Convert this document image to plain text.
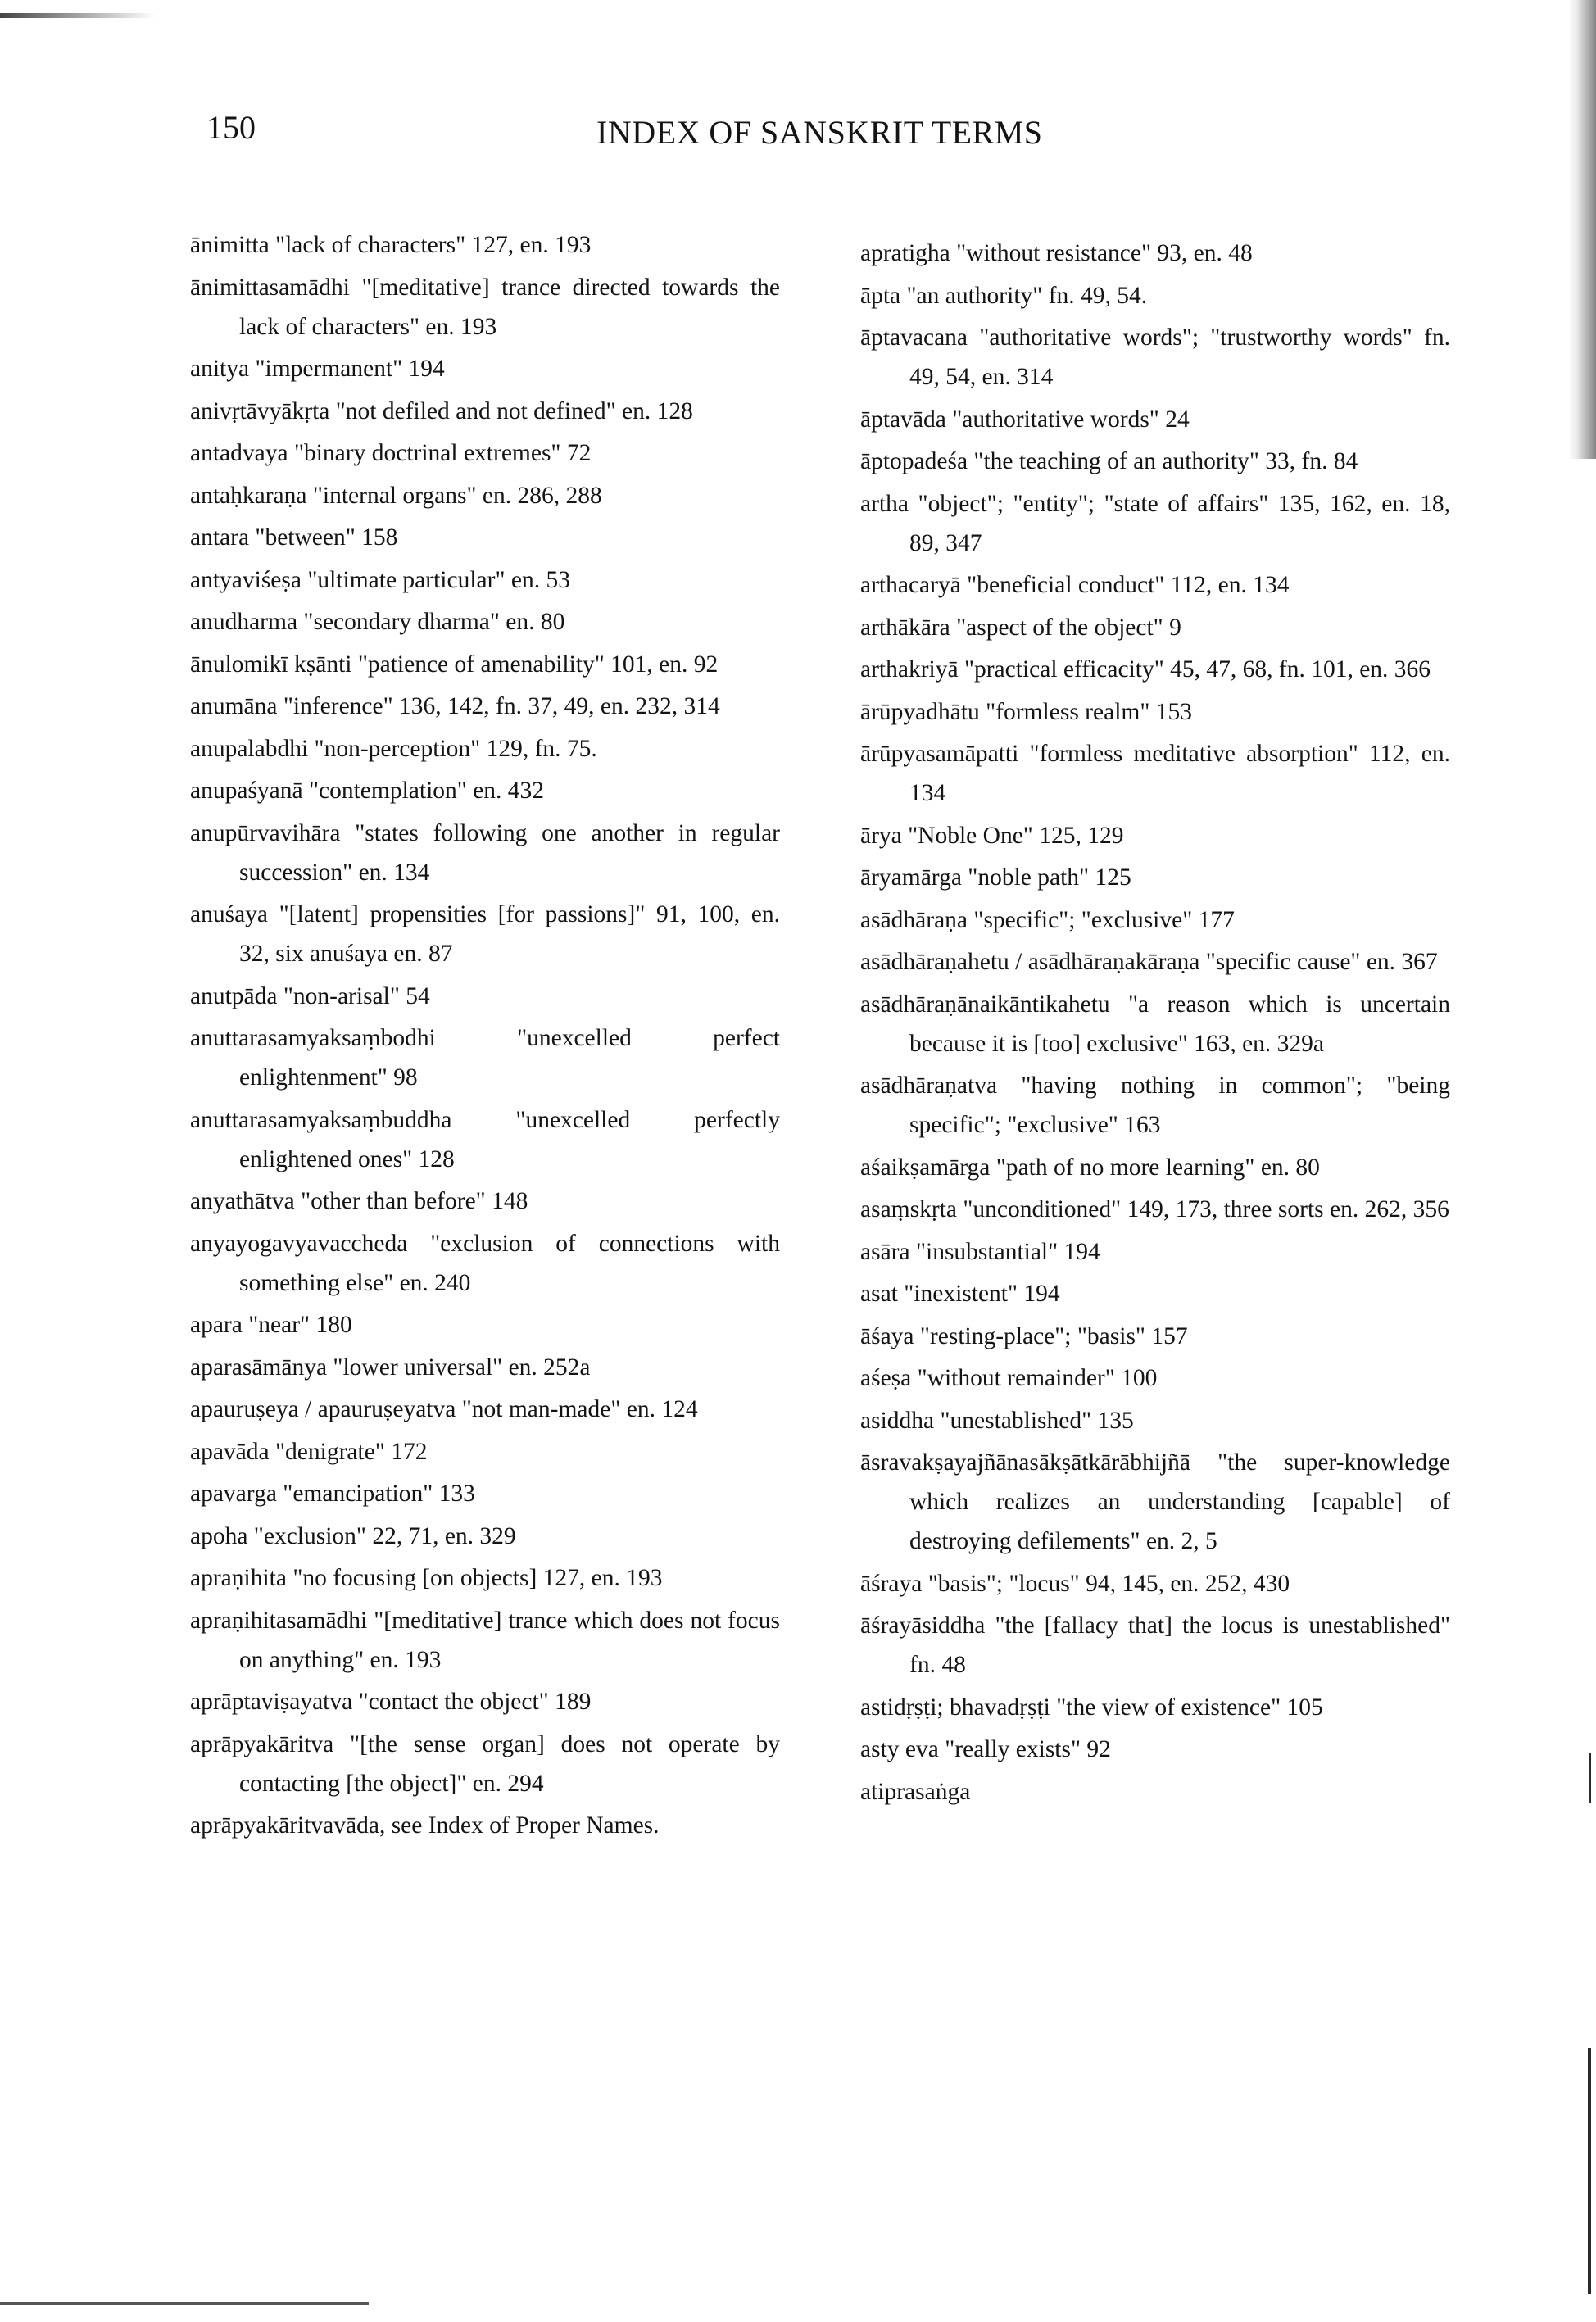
150	INDEX OF SANSKRIT TERMS

ānimitta "lack of characters" 127, en. 193

ānimittasamādhi "[meditative] trance directed towards the lack of characters" en. 193

anitya "impermanent" 194

anivṛtāvyākṛta "not defiled and not defined" en. 128

antadvaya "binary doctrinal extremes" 72

antaḥkaraṇa "internal organs" en. 286, 288

antara "between" 158

antyaviśeṣa "ultimate particular" en. 53

anudharma "secondary dharma" en. 80

ānulomikī kṣānti "patience of amenability" 101, en. 92

anumāna "inference" 136, 142, fn. 37, 49, en. 232, 314

anupalabdhi "non-perception" 129, fn. 75.

anupaśyanā "contemplation" en. 432

anupūrvavihāra "states following one another in regular succession" en. 134

anuśaya "[latent] propensities [for passions]" 91, 100, en. 32, six anuśaya en. 87

anutpāda "non-arisal" 54

anuttarasamyaksaṃbodhi "unexcelled perfect enlightenment" 98

anuttarasamyaksaṃbuddha "unexcelled perfectly enlightened ones" 128

anyathātva "other than before" 148

anyayogavyavaccheda "exclusion of connections with something else" en. 240

apara "near" 180

aparasāmānya "lower universal" en. 252a

apauruṣeya / apauruṣeyatva "not man-made" en. 124

apavāda "denigrate" 172

apavarga "emancipation" 133

apoha "exclusion" 22, 71, en. 329

apraṇihita "no focusing [on objects] 127, en. 193

apraṇihitasamādhi "[meditative] trance which does not focus on anything" en. 193

aprāptaviṣayatva "contact the object" 189

aprāpyakāritva "[the sense organ] does not operate by contacting [the object]" en. 294

aprāpyakāritvavāda, see Index of Proper Names.

apratigha "without resistance" 93, en. 48

āpta "an authority" fn. 49, 54.

āptavacana "authoritative words"; "trustworthy words" fn. 49, 54, en. 314

āptavāda "authoritative words" 24

āptopadeśa "the teaching of an authority" 33, fn. 84

artha "object"; "entity"; "state of affairs" 135, 162, en. 18, 89, 347

arthacaryā "beneficial conduct" 112, en. 134

arthākāra "aspect of the object" 9

arthakriyā "practical efficacity" 45, 47, 68, fn. 101, en. 366

ārūpyadhātu "formless realm" 153

ārūpyasamāpatti "formless meditative absorption" 112, en. 134

ārya "Noble One" 125, 129

āryamārga "noble path" 125

asādhāraṇa "specific"; "exclusive" 177

asādhāraṇahetu / asādhāraṇakāraṇa "specific cause" en. 367

asādhāraṇānaikāntikahetu "a reason which is uncertain because it is [too] exclusive" 163, en. 329a

asādhāraṇatva "having nothing in common"; "being specific"; "exclusive" 163

aśaikṣamārga "path of no more learning" en. 80

asaṃskṛta "unconditioned" 149, 173, three sorts en. 262, 356

asāra "insubstantial" 194

asat "inexistent" 194

āśaya "resting-place"; "basis" 157

aśeṣa "without remainder" 100

asiddha "unestablished" 135

āsravakṣayajñānasākṣātkārābhijñā "the super-knowledge which realizes an understanding [capable] of destroying defilements" en. 2, 5

āśraya "basis"; "locus" 94, 145, en. 252, 430

āśrayāsiddha "the [fallacy that] the locus is unestablished" fn. 48

astidṛṣṭi; bhavadṛṣṭi "the view of existence" 105

asty eva "really exists" 92

atiprasaṅga
